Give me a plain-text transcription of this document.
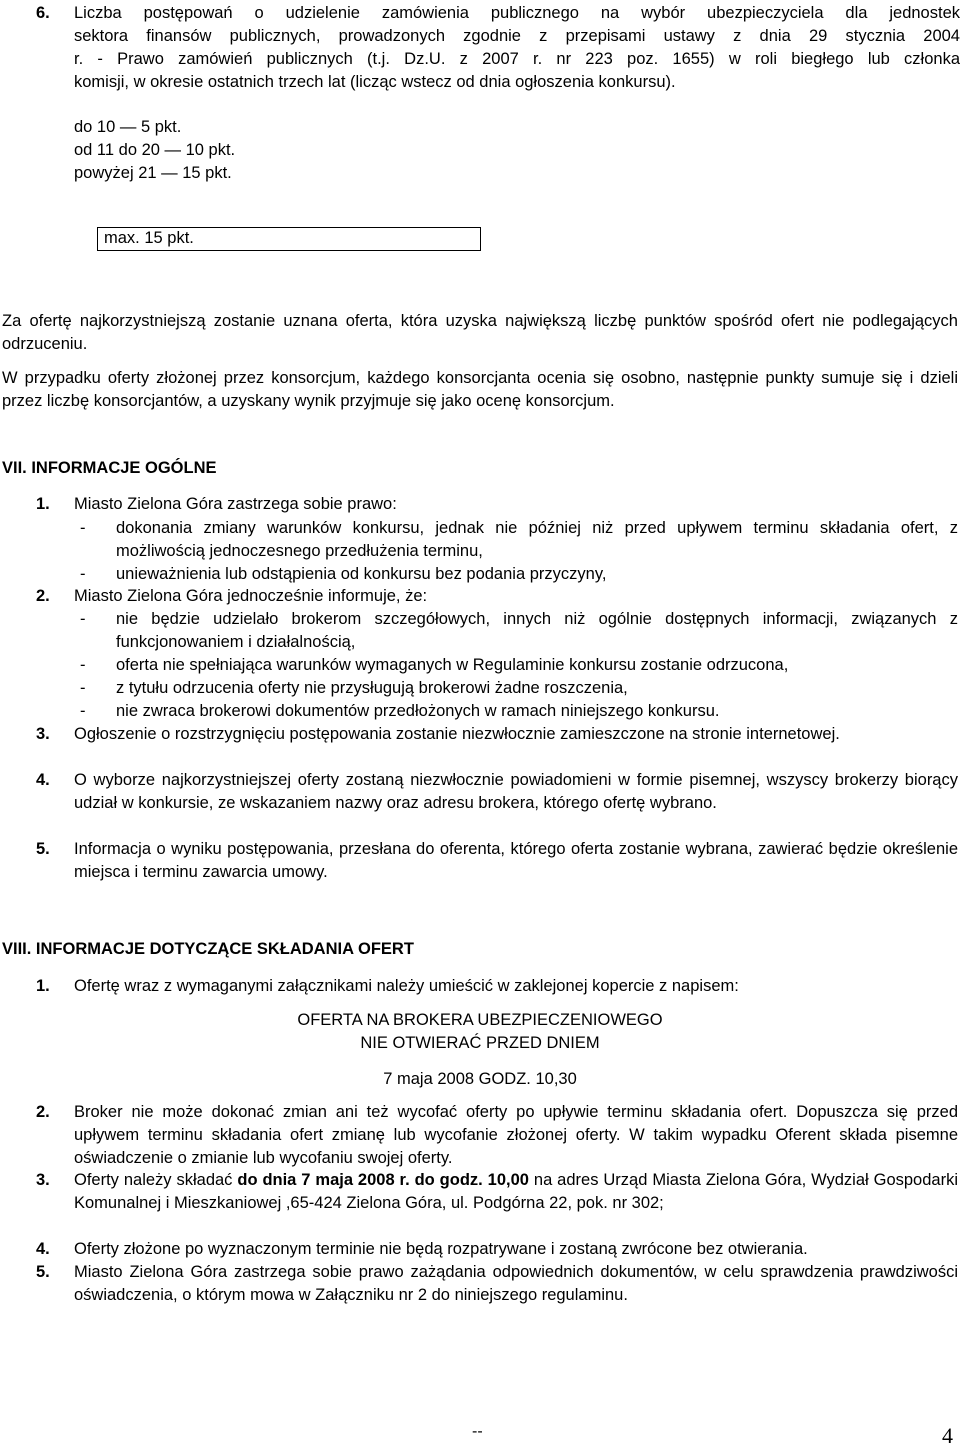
6. Liczba postępowań o udzielenie zamówienia publicznego na wybór ubezpieczyciela dla jednostek
sektora finansów publicznych, prowadzonych zgodnie z przepisami ustawy z dnia 29 stycznia 2004
r. - Prawo zamówień publicznych (t.j. Dz.U. z 2007 r. nr 223 poz. 1655) w roli biegłego lub członka
komisji, w okresie ostatnich trzech lat (licząc wstecz od dnia ogłoszenia konkursu).
do 10 — 5 pkt.
od 11 do 20 — 10 pkt.
powyżej 21 — 15 pkt.
max. 15 pkt.
Za ofertę najkorzystniejszą zostanie uznana oferta, która uzyska największą liczbę punktów spośród ofert nie podlegających odrzuceniu.
W przypadku oferty złożonej przez konsorcjum, każdego konsorcjanta ocenia się osobno, następnie punkty sumuje się i dzieli przez liczbę konsorcjantów, a uzyskany wynik przyjmuje się jako ocenę konsorcjum.
VII. INFORMACJE OGÓLNE
1. Miasto Zielona Góra zastrzega sobie prawo:
- dokonania zmiany warunków konkursu, jednak nie później niż przed upływem terminu składania ofert, z możliwością jednoczesnego przedłużenia terminu,
- unieważnienia lub odstąpienia od konkursu bez podania przyczyny,
2. Miasto Zielona Góra jednocześnie informuje, że:
- nie będzie udzielało brokerom szczegółowych, innych niż ogólnie dostępnych informacji, związanych z funkcjonowaniem i działalnością,
- oferta nie spełniająca warunków wymaganych w Regulaminie konkursu zostanie odrzucona,
- z tytułu odrzucenia oferty nie przysługują brokerowi żadne roszczenia,
- nie zwraca brokerowi dokumentów przedłożonych w ramach niniejszego konkursu.
3. Ogłoszenie o rozstrzygnięciu postępowania zostanie niezwłocznie zamieszczone na stronie internetowej.
4. O wyborze najkorzystniejszej oferty zostaną niezwłocznie powiadomieni w formie pisemnej, wszyscy brokerzy biorący udział w konkursie, ze wskazaniem nazwy oraz adresu brokera, którego ofertę wybrano.
5. Informacja o wyniku postępowania, przesłana do oferenta, którego oferta zostanie wybrana, zawierać będzie określenie miejsca i terminu zawarcia umowy.
VIII. INFORMACJE DOTYCZĄCE SKŁADANIA OFERT
1. Ofertę wraz z wymaganymi załącznikami należy umieścić w zaklejonej kopercie z napisem:
OFERTA NA BROKERA UBEZPIECZENIOWEGO
NIE OTWIERAĆ PRZED DNIEM
7 maja 2008 GODZ. 10,30
2. Broker nie może dokonać zmian ani też wycofać oferty po upływie terminu składania ofert. Dopuszcza się przed upływem terminu składania ofert zmianę lub wycofanie złożonej oferty. W takim wypadku Oferent składa pisemne oświadczenie o zmianie lub wycofaniu swojej oferty.
3. Oferty należy składać do dnia 7 maja 2008 r. do godz. 10,00 na adres Urząd Miasta Zielona Góra, Wydział Gospodarki Komunalnej i Mieszkaniowej ,65-424 Zielona Góra, ul. Podgórna 22, pok. nr 302;
4. Oferty złożone po wyznaczonym terminie nie będą rozpatrywane i zostaną zwrócone bez otwierania.
5. Miasto Zielona Góra zastrzega sobie prawo zażądania odpowiednich dokumentów, w celu sprawdzenia prawdziwości oświadczenia, o którym mowa w Załączniku nr 2 do niniejszego regulaminu.
--	4
